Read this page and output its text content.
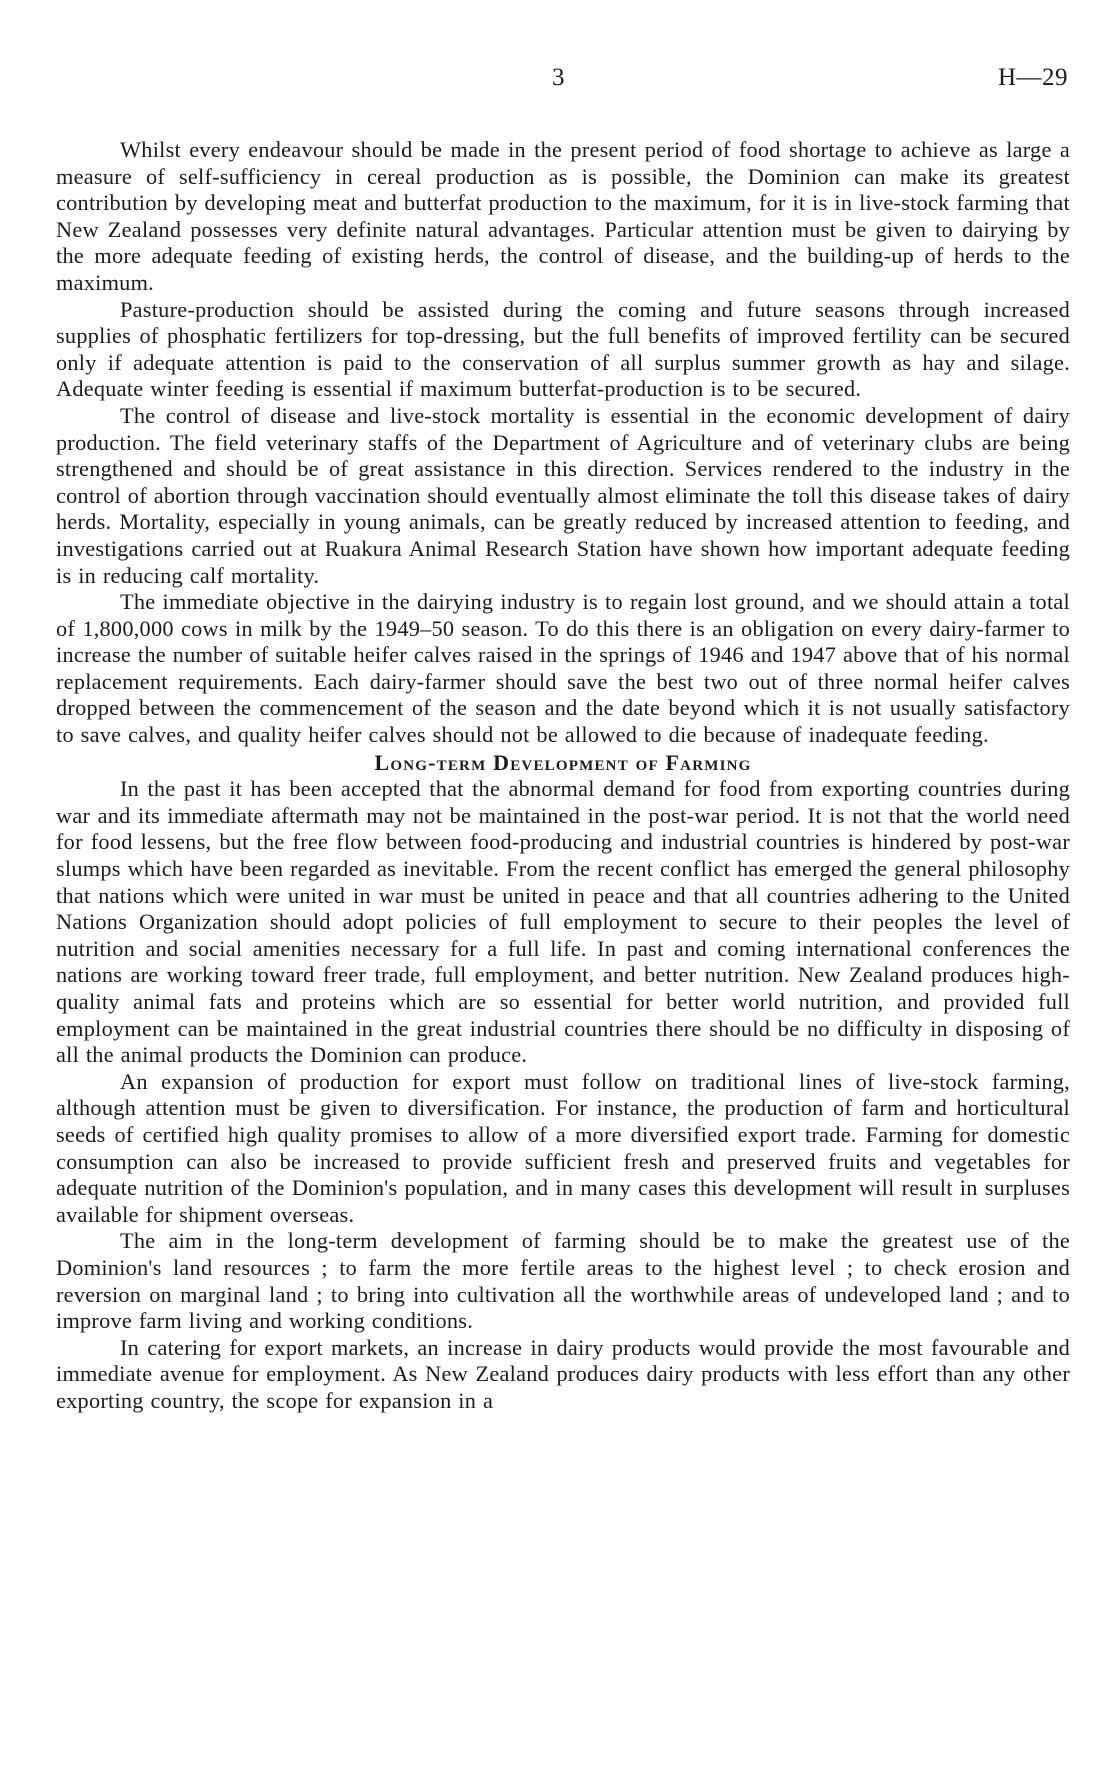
3	H—29

Whilst every endeavour should be made in the present period of food shortage to achieve as large a measure of self-sufficiency in cereal production as is possible, the Dominion can make its greatest contribution by developing meat and butterfat production to the maximum, for it is in live-stock farming that New Zealand possesses very definite natural advantages. Particular attention must be given to dairying by the more adequate feeding of existing herds, the control of disease, and the building-up of herds to the maximum.

Pasture-production should be assisted during the coming and future seasons through increased supplies of phosphatic fertilizers for top-dressing, but the full benefits of improved fertility can be secured only if adequate attention is paid to the conservation of all surplus summer growth as hay and silage. Adequate winter feeding is essential if maximum butterfat-production is to be secured.

The control of disease and live-stock mortality is essential in the economic development of dairy production. The field veterinary staffs of the Department of Agriculture and of veterinary clubs are being strengthened and should be of great assistance in this direction. Services rendered to the industry in the control of abortion through vaccination should eventually almost eliminate the toll this disease takes of dairy herds. Mortality, especially in young animals, can be greatly reduced by increased attention to feeding, and investigations carried out at Ruakura Animal Research Station have shown how important adequate feeding is in reducing calf mortality.

The immediate objective in the dairying industry is to regain lost ground, and we should attain a total of 1,800,000 cows in milk by the 1949–50 season. To do this there is an obligation on every dairy-farmer to increase the number of suitable heifer calves raised in the springs of 1946 and 1947 above that of his normal replacement requirements. Each dairy-farmer should save the best two out of three normal heifer calves dropped between the commencement of the season and the date beyond which it is not usually satisfactory to save calves, and quality heifer calves should not be allowed to die because of inadequate feeding.

Long-term Development of Farming

In the past it has been accepted that the abnormal demand for food from exporting countries during war and its immediate aftermath may not be maintained in the post-war period. It is not that the world need for food lessens, but the free flow between food-producing and industrial countries is hindered by post-war slumps which have been regarded as inevitable. From the recent conflict has emerged the general philosophy that nations which were united in war must be united in peace and that all countries adhering to the United Nations Organization should adopt policies of full employment to secure to their peoples the level of nutrition and social amenities necessary for a full life. In past and coming international conferences the nations are working toward freer trade, full employment, and better nutrition. New Zealand produces high-quality animal fats and proteins which are so essential for better world nutrition, and provided full employment can be maintained in the great industrial countries there should be no difficulty in disposing of all the animal products the Dominion can produce.

An expansion of production for export must follow on traditional lines of live-stock farming, although attention must be given to diversification. For instance, the production of farm and horticultural seeds of certified high quality promises to allow of a more diversified export trade. Farming for domestic consumption can also be increased to provide sufficient fresh and preserved fruits and vegetables for adequate nutrition of the Dominion's population, and in many cases this development will result in surpluses available for shipment overseas.

The aim in the long-term development of farming should be to make the greatest use of the Dominion's land resources ; to farm the more fertile areas to the highest level ; to check erosion and reversion on marginal land ; to bring into cultivation all the worthwhile areas of undeveloped land ; and to improve farm living and working conditions.

In catering for export markets, an increase in dairy products would provide the most favourable and immediate avenue for employment. As New Zealand produces dairy products with less effort than any other exporting country, the scope for expansion in a
